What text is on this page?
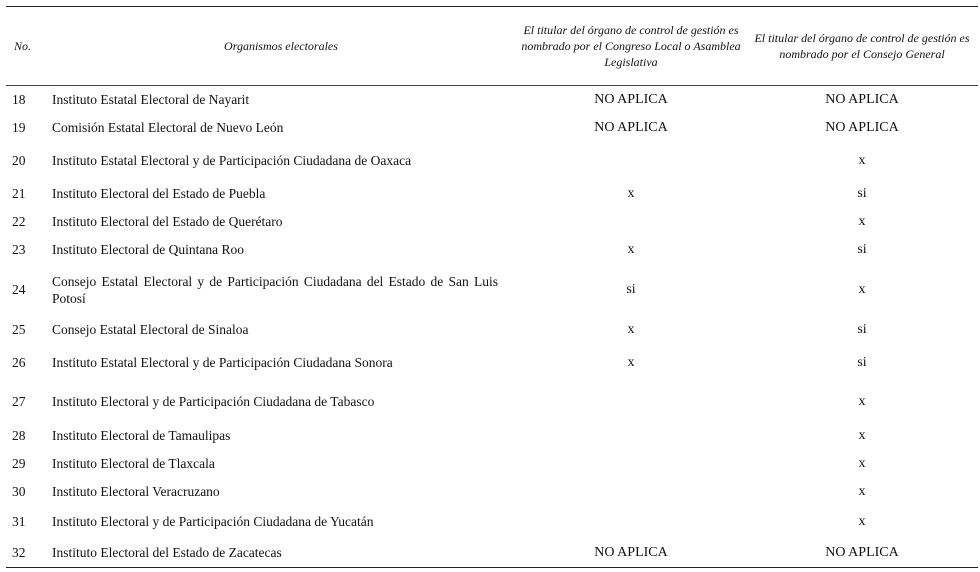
No.	Organismos electorales	El titular del órgano de control de gestión es nombrado por el Congreso Local o Asamblea Legislativa	El titular del órgano de control de gestión es nombrado por el Consejo General
18	Instituto Estatal Electoral de Nayarit	NO APLICA	NO APLICA
19	Comisión Estatal Electoral de Nuevo León	NO APLICA	NO APLICA
20	Instituto Estatal Electoral y de Participación Ciudadana de Oaxaca		x
21	Instituto Electoral del Estado de Puebla	x	si
22	Instituto Electoral del Estado de Querétaro		x
23	Instituto Electoral de Quintana Roo	x	si
24	Consejo Estatal Electoral y de Participación Ciudadana del Estado de San Luis Potosí	si	x
25	Consejo Estatal Electoral de Sinaloa	x	si
26	Instituto Estatal Electoral y de Participación Ciudadana Sonora	x	si
27	Instituto Electoral y de Participación Ciudadana de Tabasco		x
28	Instituto Electoral de Tamaulipas		x
29	Instituto Electoral de Tlaxcala		x
30	Instituto Electoral Veracruzano		x
31	Instituto Electoral y de Participación Ciudadana de Yucatán		x
32	Instituto Electoral del Estado de Zacatecas	NO APLICA	NO APLICA
